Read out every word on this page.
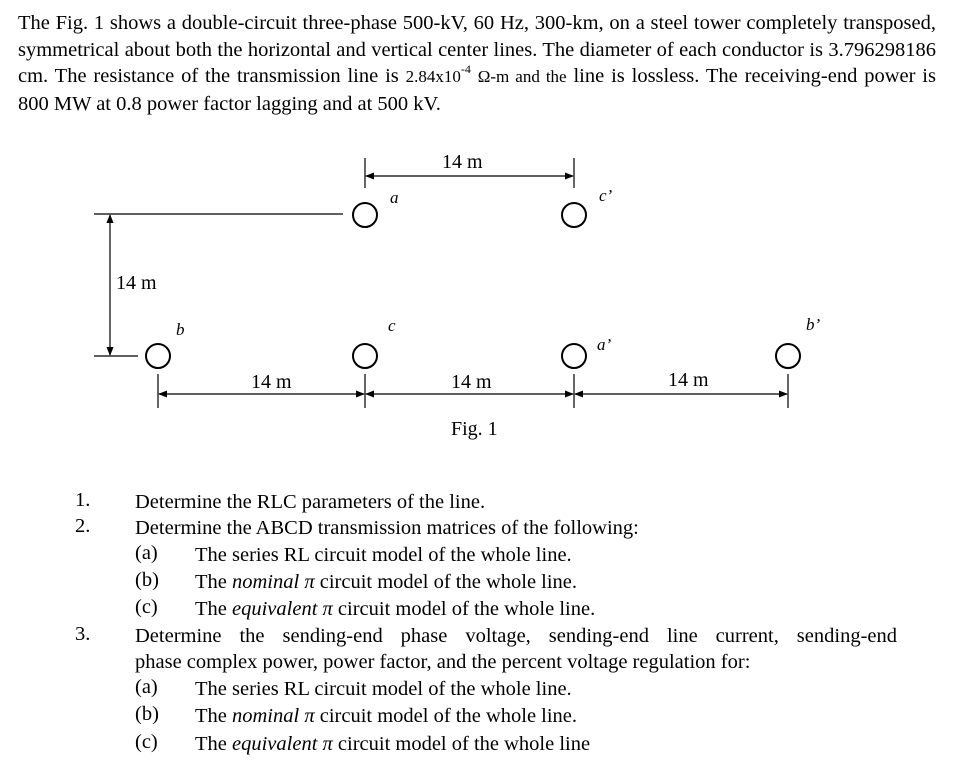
The Fig. 1 shows a double-circuit three-phase 500-kV, 60 Hz, 300-km, on a steel tower completely transposed, symmetrical about both the horizontal and vertical center lines. The diameter of each conductor is 3.796298186 cm. The resistance of the transmission line is $2.84x10^{-4}$ Ω-m and the line is lossless. The receiving-end power is 800 MW at 0.8 power factor lagging and at 500 kV.
a	c’
b	c
a’
b’
14 m
14 m
14 m	14 m	14 m
Fig. 1
1. Determine the RLC parameters of the line.
2. Determine the ABCD transmission matrices of the following:
(a) The series RL circuit model of the whole line.
(b) The nominal π circuit model of the whole line.
(c) The equivalent π circuit model of the whole line.
3. Determine the sending-end phase voltage, sending-end line current, sending-end
phase complex power, power factor, and the percent voltage regulation for:
(a) The series RL circuit model of the whole line.
(b) The nominal π circuit model of the whole line.
(c) The equivalent π circuit model of the whole line
